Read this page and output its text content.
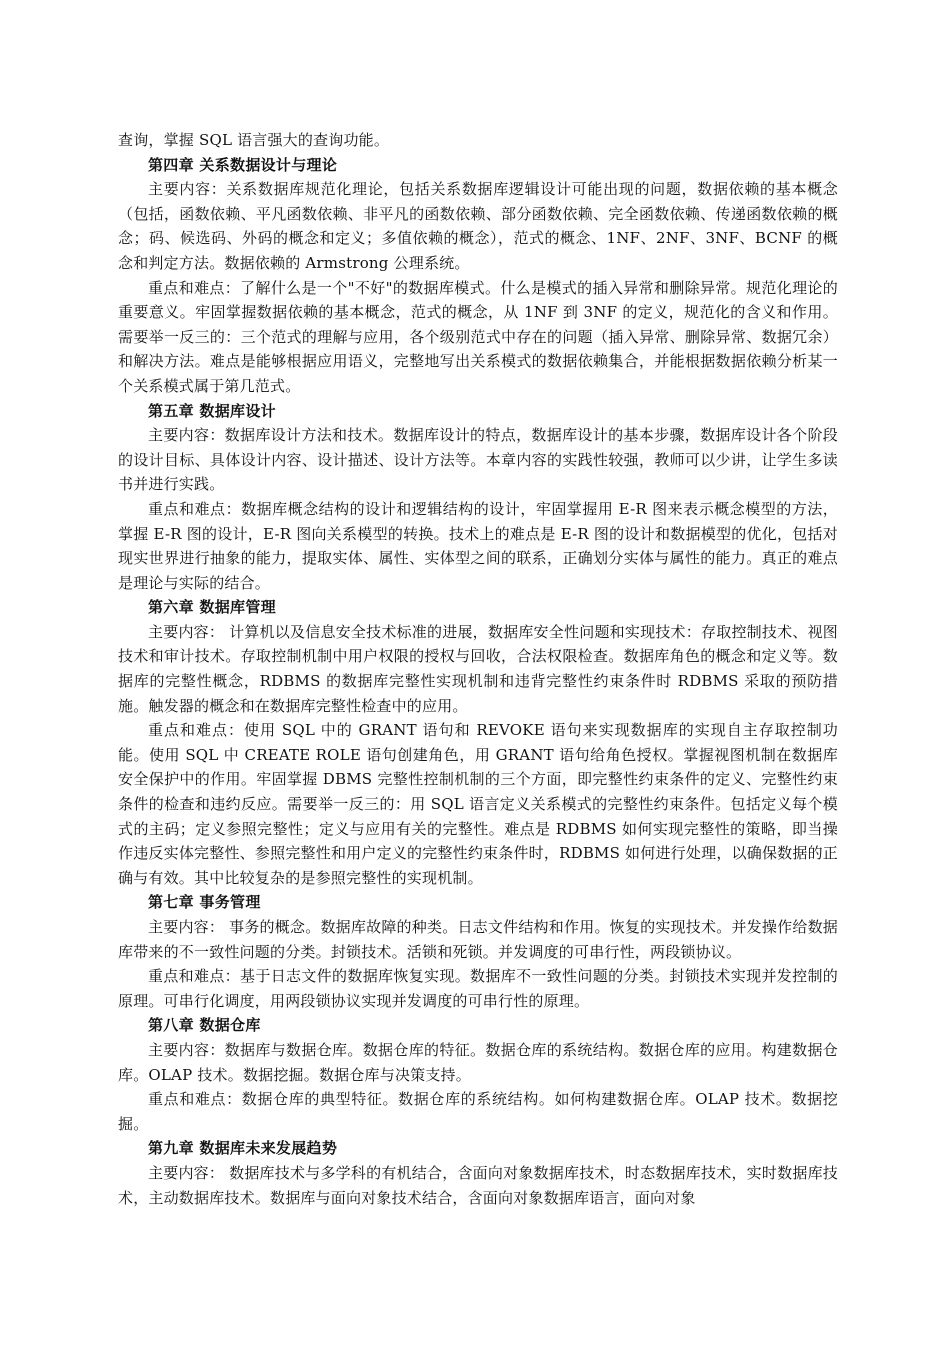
查询，掌握 SQL 语言强大的查询功能。

第四章 关系数据设计与理论

主要内容：关系数据库规范化理论，包括关系数据库逻辑设计可能出现的问题，数据依赖的基本概念（包括，函数依赖、平凡函数依赖、非平凡的函数依赖、部分函数依赖、完全函数依赖、传递函数依赖的概念；码、候选码、外码的概念和定义；多值依赖的概念），范式的概念、1NF、2NF、3NF、BCNF 的概念和判定方法。数据依赖的 Armstrong 公理系统。

重点和难点：了解什么是一个"不好"的数据库模式。什么是模式的插入异常和删除异常。规范化理论的重要意义。牢固掌握数据依赖的基本概念，范式的概念，从 1NF 到 3NF 的定义，规范化的含义和作用。需要举一反三的：三个范式的理解与应用，各个级别范式中存在的问题（插入异常、删除异常、数据冗余）和解决方法。难点是能够根据应用语义，完整地写出关系模式的数据依赖集合，并能根据数据依赖分析某一个关系模式属于第几范式。

第五章 数据库设计

主要内容：数据库设计方法和技术。数据库设计的特点，数据库设计的基本步骤，数据库设计各个阶段的设计目标、具体设计内容、设计描述、设计方法等。本章内容的实践性较强，教师可以少讲，让学生多读书并进行实践。

重点和难点：数据库概念结构的设计和逻辑结构的设计，牢固掌握用 E-R 图来表示概念模型的方法，掌握 E-R 图的设计，E-R 图向关系模型的转换。技术上的难点是 E-R 图的设计和数据模型的优化，包括对现实世界进行抽象的能力，提取实体、属性、实体型之间的联系，正确划分实体与属性的能力。真正的难点是理论与实际的结合。

第六章 数据库管理

主要内容： 计算机以及信息安全技术标准的进展，数据库安全性问题和实现技术：存取控制技术、视图技术和审计技术。存取控制机制中用户权限的授权与回收，合法权限检查。数据库角色的概念和定义等。数据库的完整性概念，RDBMS 的数据库完整性实现机制和违背完整性约束条件时 RDBMS 采取的预防措施。触发器的概念和在数据库完整性检查中的应用。

重点和难点：使用 SQL 中的 GRANT 语句和 REVOKE 语句来实现数据库的实现自主存取控制功能。使用 SQL 中 CREATE ROLE 语句创建角色，用 GRANT 语句给角色授权。掌握视图机制在数据库安全保护中的作用。牢固掌握 DBMS 完整性控制机制的三个方面，即完整性约束条件的定义、完整性约束条件的检查和违约反应。需要举一反三的：用 SQL 语言定义关系模式的完整性约束条件。包括定义每个模式的主码；定义参照完整性；定义与应用有关的完整性。难点是 RDBMS 如何实现完整性的策略，即当操作违反实体完整性、参照完整性和用户定义的完整性约束条件时，RDBMS 如何进行处理，以确保数据的正确与有效。其中比较复杂的是参照完整性的实现机制。

第七章 事务管理

主要内容： 事务的概念。数据库故障的种类。日志文件结构和作用。恢复的实现技术。并发操作给数据库带来的不一致性问题的分类。封锁技术。活锁和死锁。并发调度的可串行性，两段锁协议。

重点和难点：基于日志文件的数据库恢复实现。数据库不一致性问题的分类。封锁技术实现并发控制的原理。可串行化调度，用两段锁协议实现并发调度的可串行性的原理。

第八章 数据仓库

主要内容：数据库与数据仓库。数据仓库的特征。数据仓库的系统结构。数据仓库的应用。构建数据仓库。OLAP 技术。数据挖掘。数据仓库与决策支持。

重点和难点：数据仓库的典型特征。数据仓库的系统结构。如何构建数据仓库。OLAP 技术。数据挖掘。

第九章 数据库未来发展趋势

主要内容： 数据库技术与多学科的有机结合，含面向对象数据库技术，时态数据库技术，实时数据库技术，主动数据库技术。数据库与面向对象技术结合，含面向对象数据库语言，面向对象
